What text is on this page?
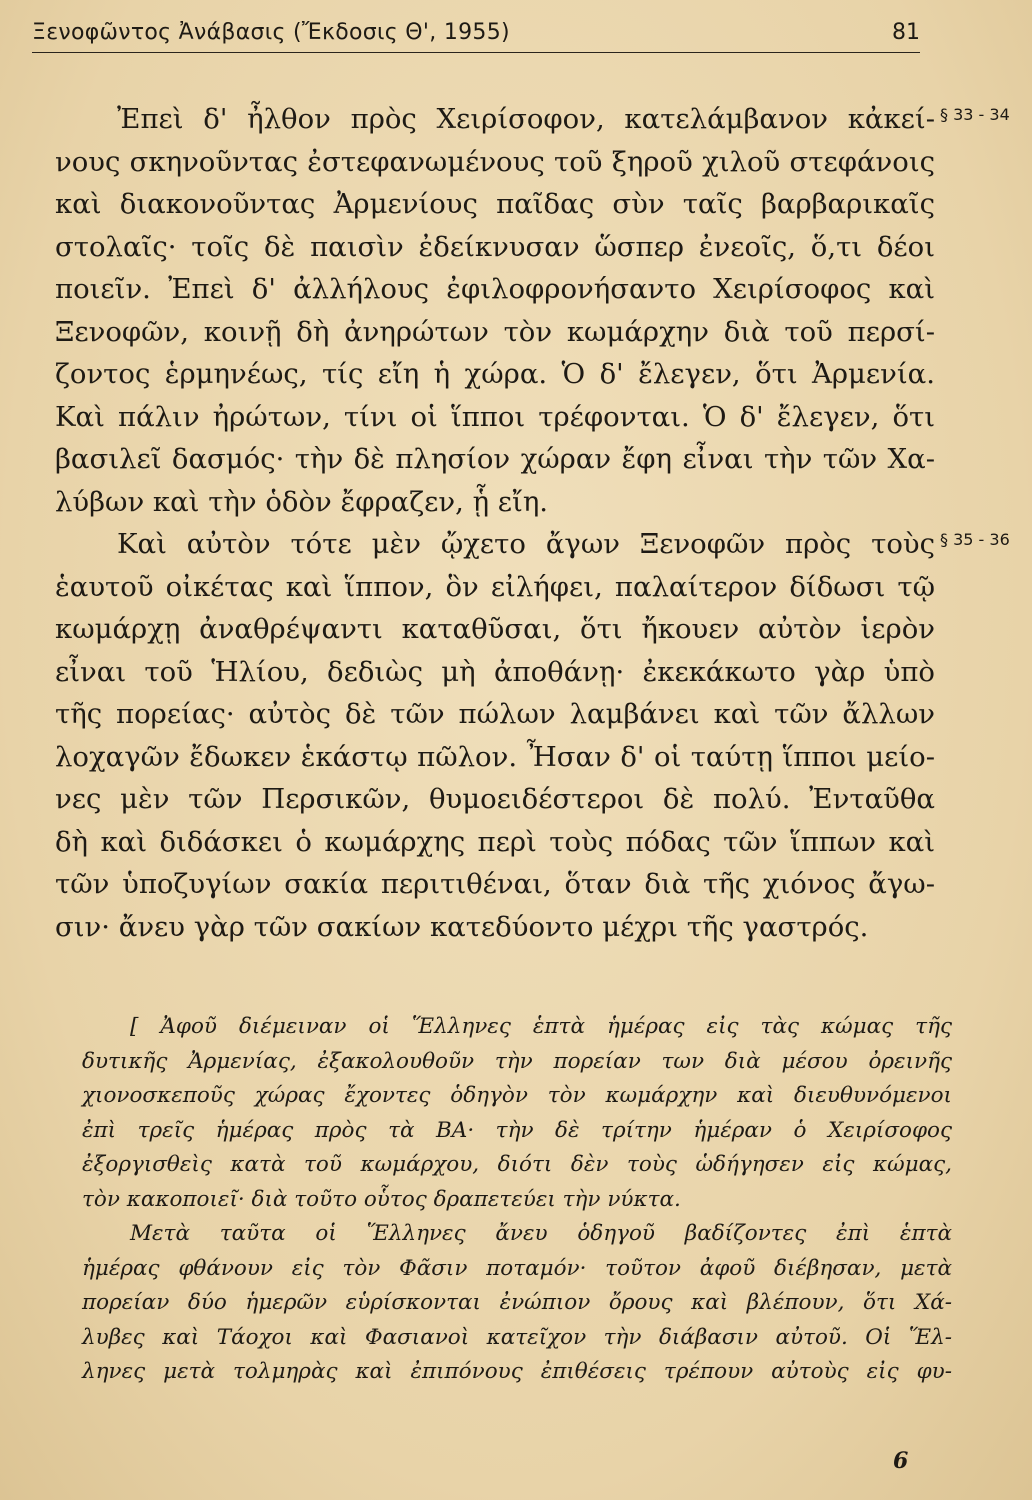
Ξενοφῶντος Ἀνάβασις (Ἔκδοσις Θ', 1955)	81
Ἐπεὶ δ' ἦλθον πρὸς Χειρίσοφον, κατελάμβανον κἀκεί-
νους σκηνοῦντας ἐστεφανωμένους τοῦ ξηροῦ χιλοῦ στεφάνοις
καὶ διακονοῦντας Ἀρμενίους παῖδας σὺν ταῖς βαρβαρικαῖς
στολαῖς· τοῖς δὲ παισὶν ἐδείκνυσαν ὥσπερ ἐνεοῖς, ὅ,τι δέοι
ποιεῖν. Ἐπεὶ δ' ἀλλήλους ἐφιλοφρονήσαντο Χειρίσοφος καὶ
Ξενοφῶν, κοινῇ δὴ ἀνηρώτων τὸν κωμάρχην διὰ τοῦ περσί-
ζοντος ἑρμηνέως, τίς εἴη ἡ χώρα. Ὁ δ' ἔλεγεν, ὅτι Ἀρμενία.
Καὶ πάλιν ἠρώτων, τίνι οἱ ἵπποι τρέφονται. Ὁ δ' ἔλεγεν, ὅτι
βασιλεῖ δασμός· τὴν δὲ πλησίον χώραν ἔφη εἶναι τὴν τῶν Χα-
λύβων καὶ τὴν ὁδὸν ἔφραζεν, ᾗ εἴη.
Καὶ αὐτὸν τότε μὲν ᾤχετο ἄγων Ξενοφῶν πρὸς τοὺς
ἑαυτοῦ οἰκέτας καὶ ἵππον, ὃν εἰλήφει, παλαίτερον δίδωσι τῷ
κωμάρχῃ ἀναθρέψαντι καταθῦσαι, ὅτι ἤκουεν αὐτὸν ἱερὸν
εἶναι τοῦ Ἡλίου, δεδιὼς μὴ ἀποθάνῃ· ἐκεκάκωτο γὰρ ὑπὸ
τῆς πορείας· αὐτὸς δὲ τῶν πώλων λαμβάνει καὶ τῶν ἄλλων
λοχαγῶν ἔδωκεν ἑκάστῳ πῶλον. Ἦσαν δ' οἱ ταύτῃ ἵπποι μείο-
νες μὲν τῶν Περσικῶν, θυμοειδέστεροι δὲ πολύ. Ἐνταῦθα
δὴ καὶ διδάσκει ὁ κωμάρχης περὶ τοὺς πόδας τῶν ἵππων καὶ
τῶν ὑποζυγίων σακία περιτιθέναι, ὅταν διὰ τῆς χιόνος ἄγω-
σιν· ἄνευ γὰρ τῶν σακίων κατεδύοντο μέχρι τῆς γαστρός.
§ 33 - 34
§ 35 - 36
[ Ἀφοῦ διέμειναν οἱ Ἕλληνες ἑπτὰ ἡμέρας εἰς τὰς κώμας τῆς
δυτικῆς Ἀρμενίας, ἐξακολουθοῦν τὴν πορείαν των διὰ μέσου ὀρεινῆς
χιονοσκεποῦς χώρας ἔχοντες ὁδηγὸν τὸν κωμάρχην καὶ διευθυνόμενοι
ἐπὶ τρεῖς ἡμέρας πρὸς τὰ ΒΑ· τὴν δὲ τρίτην ἡμέραν ὁ Χειρίσοφος
ἐξοργισθεὶς κατὰ τοῦ κωμάρχου, διότι δὲν τοὺς ὡδήγησεν εἰς κώμας,
τὸν κακοποιεῖ· διὰ τοῦτο οὗτος δραπετεύει τὴν νύκτα.
Μετὰ ταῦτα οἱ Ἕλληνες ἄνευ ὁδηγοῦ βαδίζοντες ἐπὶ ἑπτὰ
ἡμέρας φθάνουν εἰς τὸν Φᾶσιν ποταμόν· τοῦτον ἀφοῦ διέβησαν, μετὰ
πορείαν δύο ἡμερῶν εὑρίσκονται ἐνώπιον ὄρους καὶ βλέπουν, ὅτι Χά-
λυβες καὶ Τάοχοι καὶ Φασιανοὶ κατεῖχον τὴν διάβασιν αὐτοῦ. Οἱ Ἕλ-
ληνες μετὰ τολμηρὰς καὶ ἐπιπόνους ἐπιθέσεις τρέπουν αὐτοὺς εἰς φυ-
6
